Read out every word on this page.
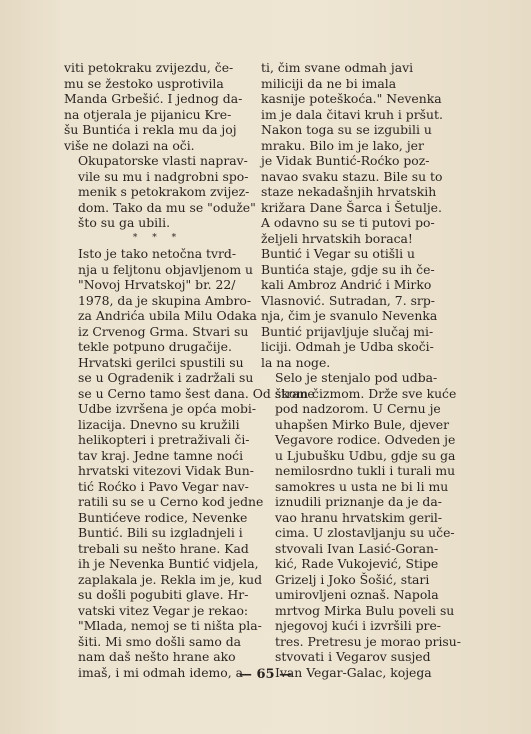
viti petokraku zvijezdu, če-
mu se žestoko usprotivila
Manda Grbešić. I jednog da-
na otjerala je pijanicu Kre-
šu Buntića i rekla mu da joj
više ne dolazi na oči.

Okupatorske vlasti naprav-
vile su mu i nadgrobni spo-
menik s petokrakom zvijez-
dom. Tako da mu se "oduže"
što su ga ubili.

* * *

Isto je tako netočna tvrd-
nja u feljtonu objavljenom u
"Novoj Hrvatskoj" br. 22/
1978, da je skupina Ambro-
za Andrića ubila Milu Odaka
iz Crvenog Grma. Stvari su
tekle potpuno drugačije.

Hrvatski gerilci spustili su
se u Ogradenik i zadržali su
se u Cerno tamo šest dana. Od strane
Udbe izvršena je opća mobi-
lizacija. Dnevno su kružili
helikopteri i pretraživali či-
tav kraj. Jedne tamne noći
hrvatski vitezovi Vidak Bun-
tić Roćko i Pavo Vegar nav-
ratili su se u Cerno kod jedne
Buntićeve rodice, Nevenke
Buntić. Bili su izgladnjeli i
trebali su nešto hrane. Kad
ih je Nevenka Buntić vidjela,
zaplakala je. Rekla im je, kud
su došli pogubiti glave. Hr-
vatski vitez Vegar je rekao:
"Mlada, nemoj se ti ništa pla-
šiti. Mi smo došli samo da
nam daš nešto hrane ako
imaš, i mi odmah idemo, a

ti, čim svane odmah javi
miliciji da ne bi imala
kasnije poteškoća." Nevenka
im je dala čitavi kruh i pršut.
Nakon toga su se izgubili u
mraku. Bilo im je lako, jer
je Vidak Buntić-Roćko poz-
navao svaku stazu. Bile su to
staze nekadašnjih hrvatskih
križara Dane Šarca i Šetulje.
A odavno su se ti putovi po-
željeli hrvatskih boraca!
Buntić i Vegar su otišli u
Buntića staje, gdje su ih če-
kali Ambroz Andrić i Mirko
Vlasnović. Sutradan, 7. srp-
nja, čim je svanulo Nevenka
Buntić prijavljuje slučaj mi-
liciji. Odmah je Udba skoči-
la na noge.

Selo je stenjalo pod udba-
škom čizmom. Drže sve kuće
pod nadzorom. U Cernu je
uhapšen Mirko Bule, djever
Vegavore rodice. Odveden je
u Ljubušku Udbu, gdje su ga
nemilosrdno tukli i turali mu
samokres u usta ne bi li mu
iznudili priznanje da je da-
vao hranu hrvatskim geril-
cima. U zlostavljanju su uče-
stvovali Ivan Lasić-Goran-
kić, Rade Vukojević, Stipe
Grizelj i Joko Šošić, stari
umirovljeni oznaš. Napola
mrtvog Mirka Bulu poveli su
njegovoj kući i izvršili pre-
tres. Pretresu je morao prisu-
stvovati i Vegarov susjed
Ivan Vegar-Galac, kojega

— 65 —
